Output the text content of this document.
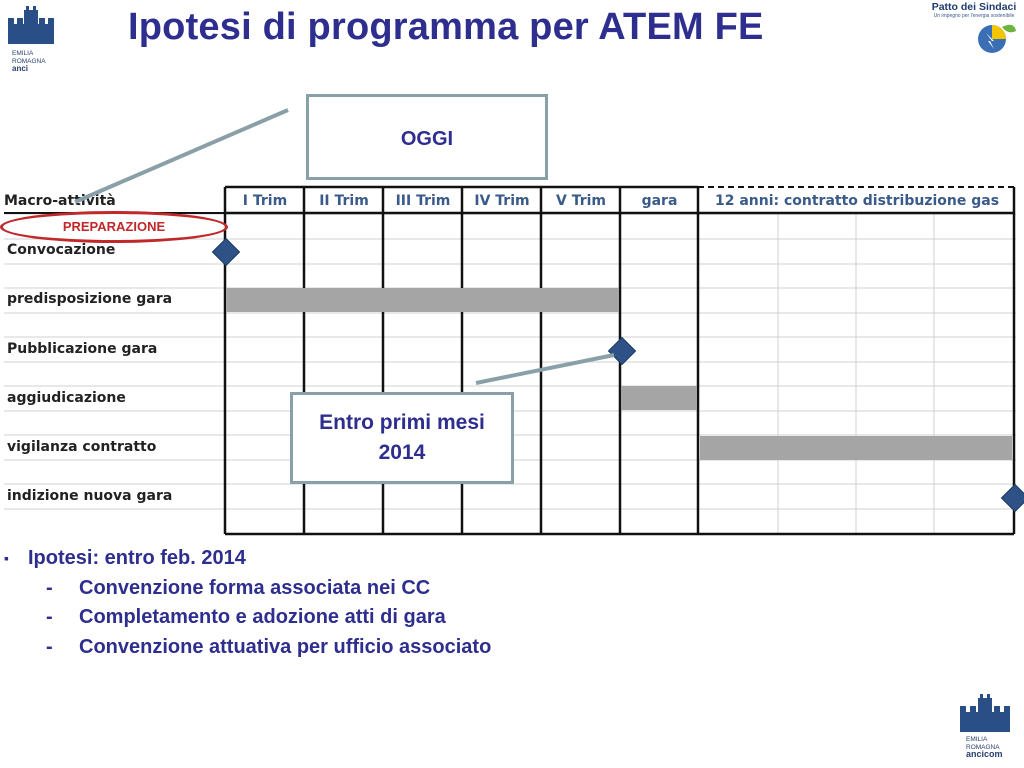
EMILIA
ROMAGNA
anci
Ipotesi di programma per ATEM FE	Patto dei Sindaci
Un impegno per l'energia sostenibile
Macro-attività	I Trim	II Trim	III Trim	IV Trim	V Trim	gara	12 anni: contratto distribuzione gas
Convocazione
predisposizione gara
Pubblicazione gara
aggiudicazione
vigilanza contratto
indizione nuova gara
PREPARAZIONE
OGGI
Entro primi mesi
2014
▪ Ipotesi: entro feb. 2014
- Convenzione forma associata nei CC
- Completamento e adozione atti di gara
- Convenzione attuativa per ufficio associato
EMILIA
ROMAGNA
ancicom
